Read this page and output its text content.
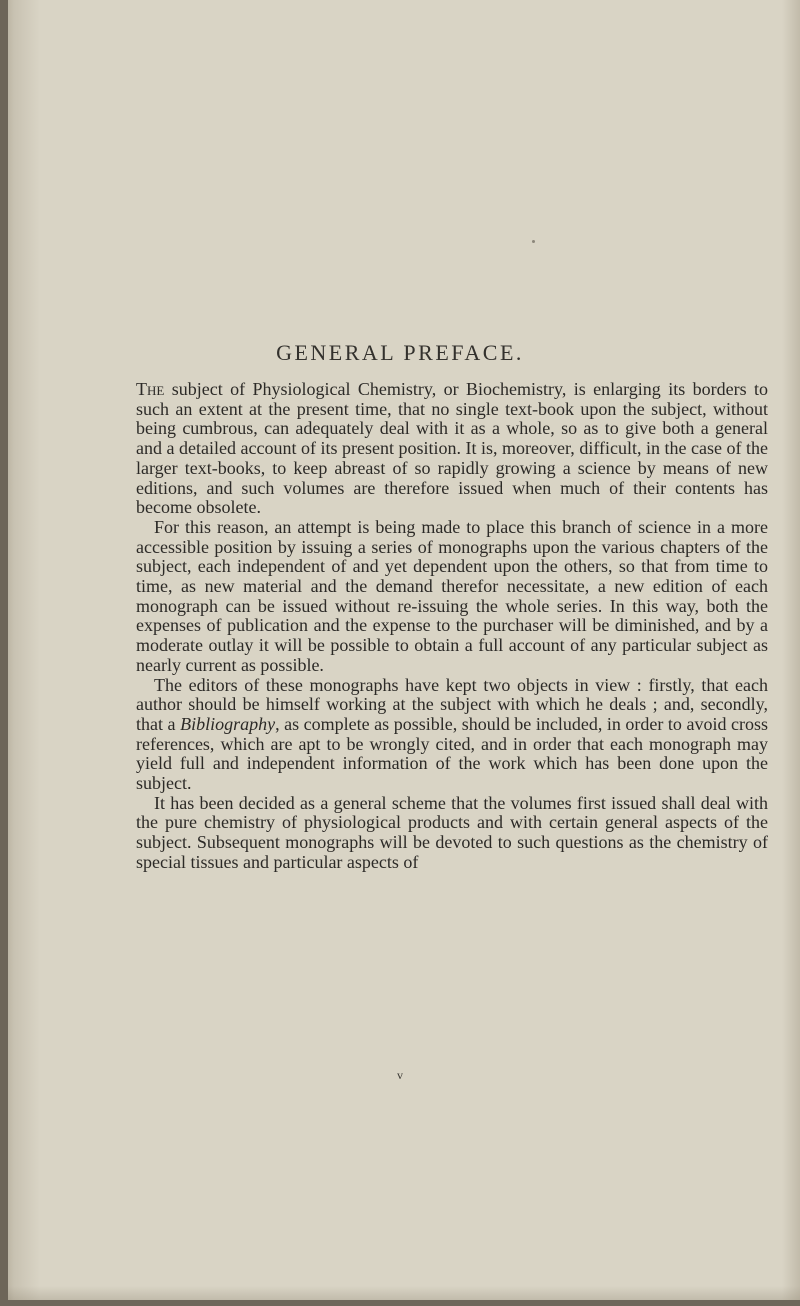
GENERAL PREFACE.

The subject of Physiological Chemistry, or Biochemistry, is enlarging its borders to such an extent at the present time, that no single text-book upon the subject, without being cumbrous, can adequately deal with it as a whole, so as to give both a general and a detailed account of its present position. It is, moreover, difficult, in the case of the larger text-books, to keep abreast of so rapidly growing a science by means of new editions, and such volumes are therefore issued when much of their contents has become obsolete.

For this reason, an attempt is being made to place this branch of science in a more accessible position by issuing a series of monographs upon the various chapters of the subject, each independent of and yet dependent upon the others, so that from time to time, as new material and the demand therefor necessitate, a new edition of each monograph can be issued without re-issuing the whole series. In this way, both the expenses of publication and the expense to the purchaser will be diminished, and by a moderate outlay it will be possible to obtain a full account of any particular subject as nearly current as possible.

The editors of these monographs have kept two objects in view : firstly, that each author should be himself working at the subject with which he deals ; and, secondly, that a Bibliography, as complete as possible, should be included, in order to avoid cross references, which are apt to be wrongly cited, and in order that each monograph may yield full and independent information of the work which has been done upon the subject.

It has been decided as a general scheme that the volumes first issued shall deal with the pure chemistry of physiological products and with certain general aspects of the subject. Subsequent monographs will be devoted to such questions as the chemistry of special tissues and particular aspects of

v
